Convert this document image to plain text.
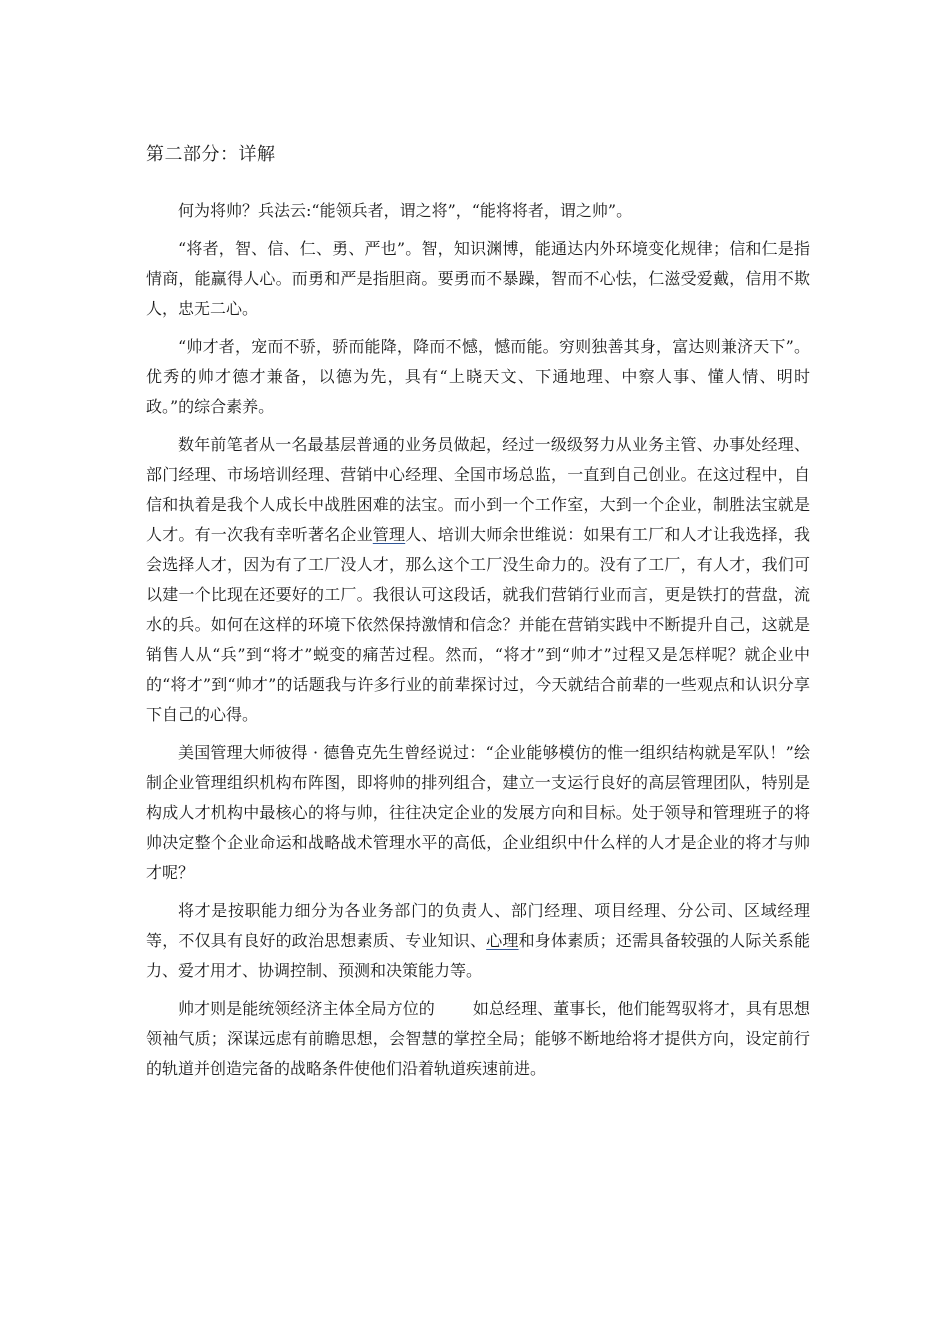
第二部分：详解

何为将帅？兵法云:“能领兵者，谓之将”，“能将将者，谓之帅”。

“将者，智、信、仁、勇、严也”。智，知识渊博，能通达内外环境变化规律；信和仁是指情商，能赢得人心。而勇和严是指胆商。要勇而不暴躁，智而不心怯，仁滋受爱戴，信用不欺人，忠无二心。

“帅才者，宠而不骄，骄而能降，降而不憾，憾而能。穷则独善其身，富达则兼济天下”。优秀的帅才德才兼备，以德为先，具有“上晓天文、下通地理、中察人事、懂人情、明时政。”的综合素养。

数年前笔者从一名最基层普通的业务员做起，经过一级级努力从业务主管、办事处经理、部门经理、市场培训经理、营销中心经理、全国市场总监，一直到自己创业。在这过程中，自信和执着是我个人成长中战胜困难的法宝。而小到一个工作室，大到一个企业，制胜法宝就是人才。有一次我有幸听著名企业管理人、培训大师余世维说：如果有工厂和人才让我选择，我会选择人才，因为有了工厂没人才，那么这个工厂没生命力的。没有了工厂，有人才，我们可以建一个比现在还要好的工厂。我很认可这段话，就我们营销行业而言，更是铁打的营盘，流水的兵。如何在这样的环境下依然保持激情和信念？并能在营销实践中不断提升自己，这就是销售人从“兵”到“将才”蜕变的痛苦过程。然而，“将才”到“帅才”过程又是怎样呢？就企业中的“将才”到“帅才”的话题我与许多行业的前辈探讨过，今天就结合前辈的一些观点和认识分享下自己的心得。

美国管理大师彼得 · 德鲁克先生曾经说过：“企业能够模仿的惟一组织结构就是军队！”绘制企业管理组织机构布阵图，即将帅的排列组合，建立一支运行良好的高层管理团队，特别是构成人才机构中最核心的将与帅，往往决定企业的发展方向和目标。处于领导和管理班子的将帅决定整个企业命运和战略战术管理水平的高低，企业组织中什么样的人才是企业的将才与帅才呢？

将才是按职能力细分为各业务部门的负责人、部门经理、项目经理、分公司、区域经理等，不仅具有良好的政治思想素质、专业知识、心理和身体素质；还需具备较强的人际关系能力、爱才用才、协调控制、预测和决策能力等。

帅才则是能统领经济主体全局方位的 如总经理、董事长，他们能驾驭将才，具有思想领袖气质；深谋远虑有前瞻思想，会智慧的掌控全局；能够不断地给将才提供方向，设定前行的轨道并创造完备的战略条件使他们沿着轨道疾速前进。
